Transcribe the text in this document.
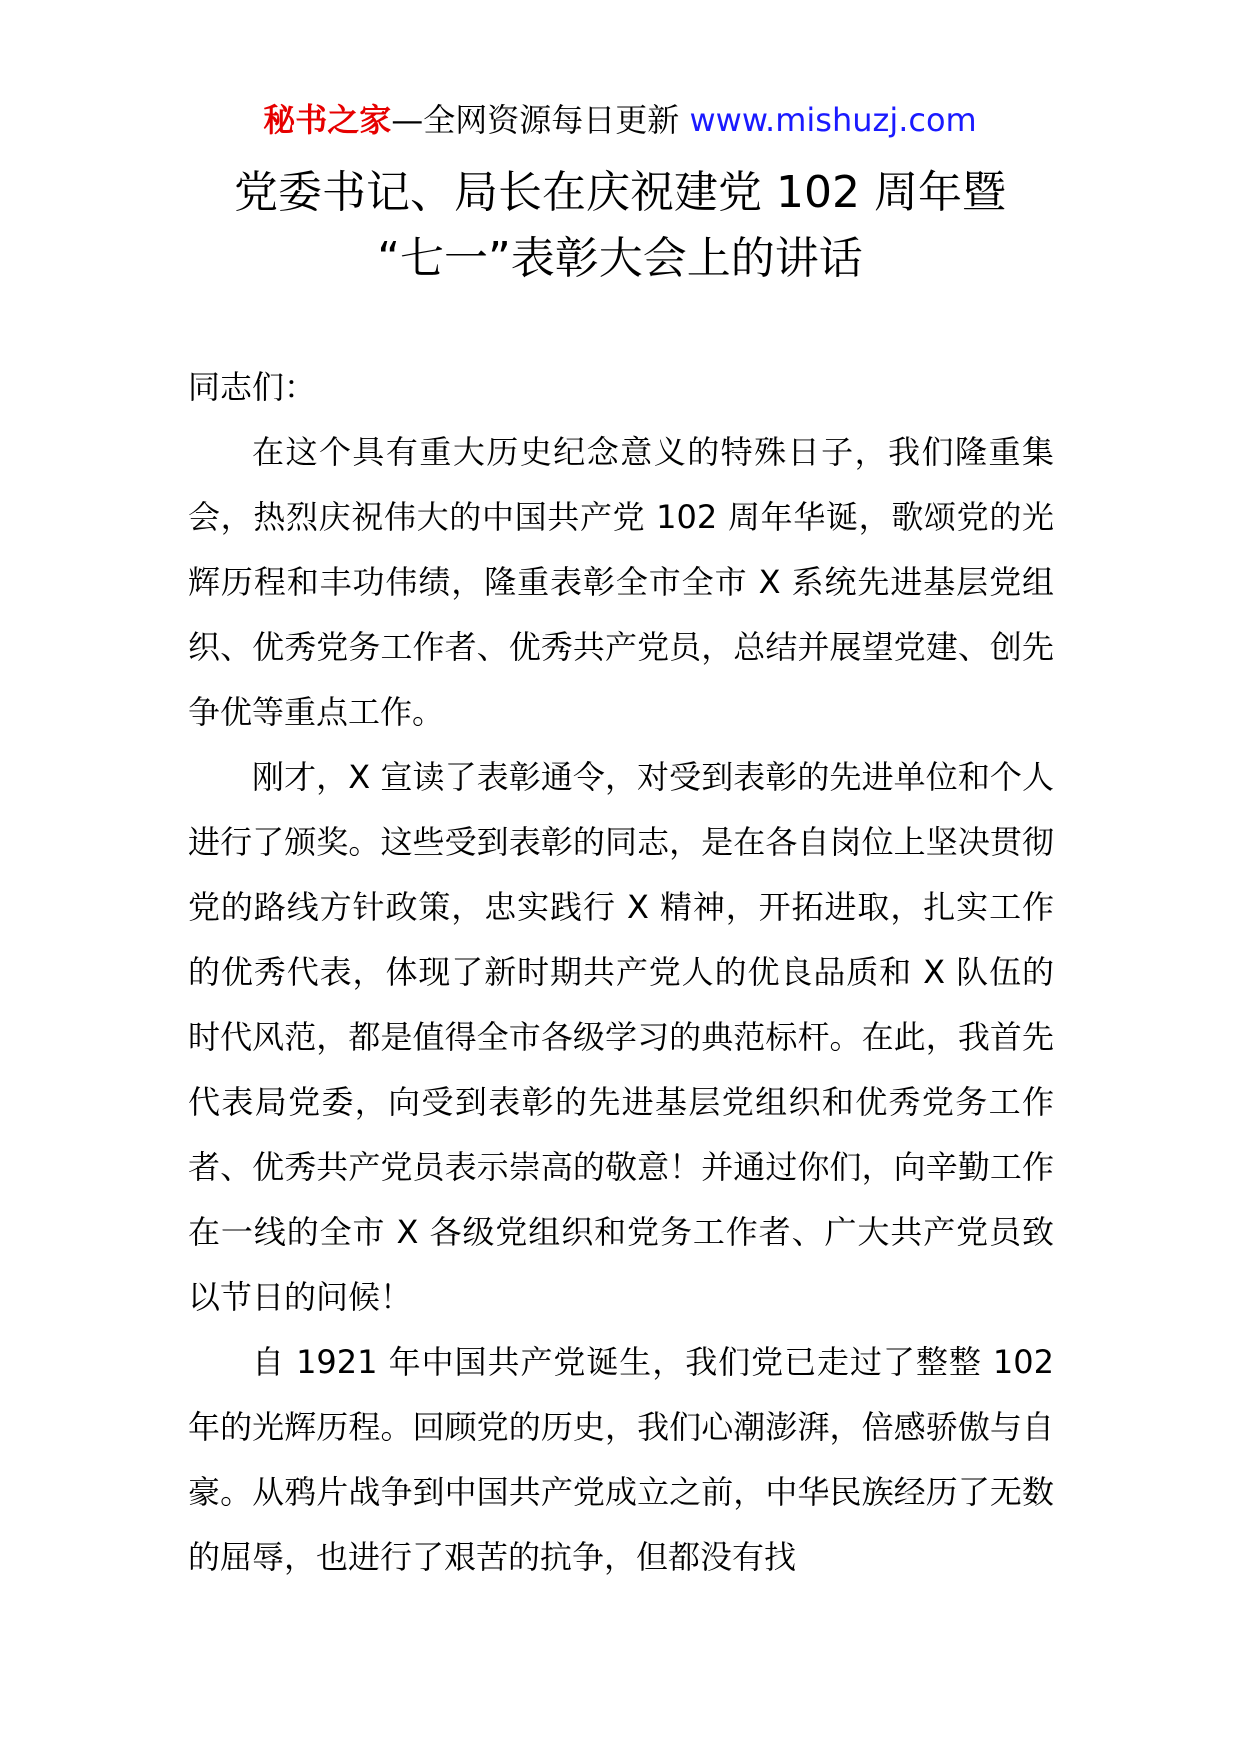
秘书之家—全网资源每日更新 www.mishuzj.com
党委书记、局长在庆祝建党 102 周年暨
“七一”表彰大会上的讲话

同志们：

在这个具有重大历史纪念意义的特殊日子，我们隆重集会，热烈庆祝伟大的中国共产党 102 周年华诞，歌颂党的光辉历程和丰功伟绩，隆重表彰全市全市 X 系统先进基层党组织、优秀党务工作者、优秀共产党员，总结并展望党建、创先争优等重点工作。

刚才，X 宣读了表彰通令，对受到表彰的先进单位和个人进行了颁奖。这些受到表彰的同志，是在各自岗位上坚决贯彻党的路线方针政策，忠实践行 X 精神，开拓进取，扎实工作的优秀代表，体现了新时期共产党人的优良品质和 X 队伍的时代风范，都是值得全市各级学习的典范标杆。在此，我首先代表局党委，向受到表彰的先进基层党组织和优秀党务工作者、优秀共产党员表示崇高的敬意！并通过你们，向辛勤工作在一线的全市 X 各级党组织和党务工作者、广大共产党员致以节日的问候！

自 1921 年中国共产党诞生，我们党已走过了整整 102 年的光辉历程。回顾党的历史，我们心潮澎湃，倍感骄傲与自豪。从鸦片战争到中国共产党成立之前，中华民族经历了无数的屈辱，也进行了艰苦的抗争，但都没有找
